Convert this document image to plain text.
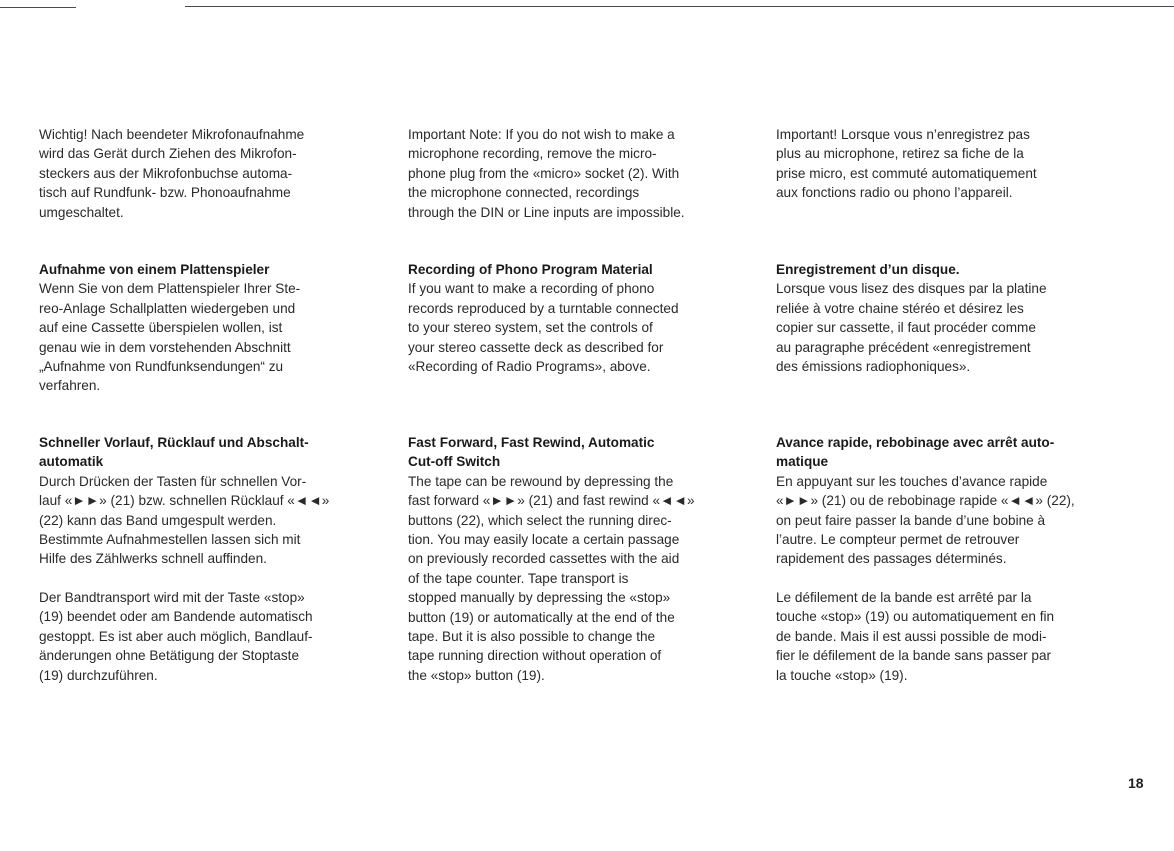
Wichtig! Nach beendeter Mikrofonaufnahme
wird das Gerät durch Ziehen des Mikrofon-
steckers aus der Mikrofonbuchse automa-
tisch auf Rundfunk- bzw. Phonoaufnahme
umgeschaltet.

Aufnahme von einem Plattenspieler

Wenn Sie von dem Plattenspieler Ihrer Ste-
reo-Anlage Schallplatten wiedergeben und
auf eine Cassette überspielen wollen, ist
genau wie in dem vorstehenden Abschnitt
„Aufnahme von Rundfunksendungen“ zu
verfahren.

Schneller Vorlauf, Rücklauf und Abschalt-
automatik

Durch Drücken der Tasten für schnellen Vor-
lauf «►►» (21) bzw. schnellen Rücklauf «◄◄»
(22) kann das Band umgespult werden.
Bestimmte Aufnahmestellen lassen sich mit
Hilfe des Zählwerks schnell auffinden.

Der Bandtransport wird mit der Taste «stop»
(19) beendet oder am Bandende automatisch
gestoppt. Es ist aber auch möglich, Bandlauf-
änderungen ohne Betätigung der Stoptaste
(19) durchzuführen.

Important Note: If you do not wish to make a
microphone recording, remove the micro-
phone plug from the «micro» socket (2). With
the microphone connected, recordings
through the DIN or Line inputs are impossible.

Recording of Phono Program Material

If you want to make a recording of phono
records reproduced by a turntable connected
to your stereo system, set the controls of
your stereo cassette deck as described for
«Recording of Radio Programs», above.

Fast Forward, Fast Rewind, Automatic
Cut-off Switch

The tape can be rewound by depressing the
fast forward «►►» (21) and fast rewind «◄◄»
buttons (22), which select the running direc-
tion. You may easily locate a certain passage
on previously recorded cassettes with the aid
of the tape counter. Tape transport is
stopped manually by depressing the «stop»
button (19) or automatically at the end of the
tape. But it is also possible to change the
tape running direction without operation of
the «stop» button (19).

Important! Lorsque vous n’enregistrez pas
plus au microphone, retirez sa fiche de la
prise micro, est commuté automatiquement
aux fonctions radio ou phono l’appareil.

Enregistrement d’un disque.

Lorsque vous lisez des disques par la platine
reliée à votre chaine stéréo et désirez les
copier sur cassette, il faut procéder comme
au paragraphe précédent «enregistrement
des émissions radiophoniques».

Avance rapide, rebobinage avec arrêt auto-
matique

En appuyant sur les touches d’avance rapide
«►►» (21) ou de rebobinage rapide «◄◄» (22),
on peut faire passer la bande d’une bobine à
l’autre. Le compteur permet de retrouver
rapidement des passages déterminés.

Le défilement de la bande est arrêté par la
touche «stop» (19) ou automatiquement en fin
de bande. Mais il est aussi possible de modi-
fier le défilement de la bande sans passer par
la touche «stop» (19).

18
